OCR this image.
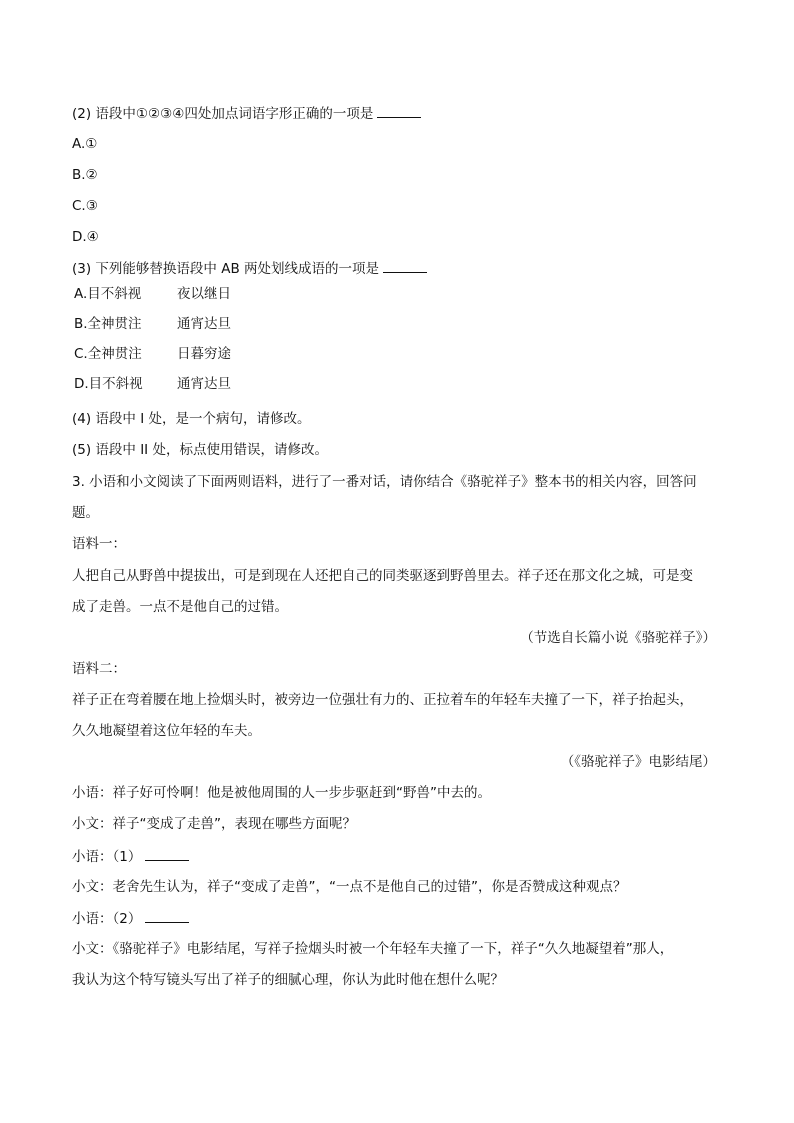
(2) 语段中①②③④四处加点词语字形正确的一项是
A.①
B.②
C.③
D.④
(3) 下列能够替换语段中 AB 两处划线成语的一项是
A.目不斜视	夜以继日
B.全神贯注	通宵达旦
C.全神贯注	日暮穷途
D.目不斜视	通宵达旦
(4) 语段中 I 处，是一个病句，请修改。
(5) 语段中 II 处，标点使用错误，请修改。
3. 小语和小文阅读了下面两则语料，进行了一番对话，请你结合《骆驼祥子》整本书的相关内容，回答问
题。
语料一：
人把自己从野兽中提拔出，可是到现在人还把自己的同类驱逐到野兽里去。祥子还在那文化之城，可是变
成了走兽。一点不是他自己的过错。
（节选自长篇小说《骆驼祥子》）
语料二：
祥子正在弯着腰在地上捡烟头时，被旁边一位强壮有力的、正拉着车的年轻车夫撞了一下，祥子抬起头，
久久地凝望着这位年轻的车夫。
（《骆驼祥子》电影结尾）
小语：祥子好可怜啊！他是被他周围的人一步步驱赶到“野兽”中去的。
小文：祥子“变成了走兽”，表现在哪些方面呢？
小语：（1）
小文：老舍先生认为，祥子“变成了走兽”，“一点不是他自己的过错”，你是否赞成这种观点？
小语：（2）
小文：《骆驼祥子》电影结尾，写祥子捡烟头时被一个年轻车夫撞了一下，祥子“久久地凝望着”那人，
我认为这个特写镜头写出了祥子的细腻心理，你认为此时他在想什么呢？
